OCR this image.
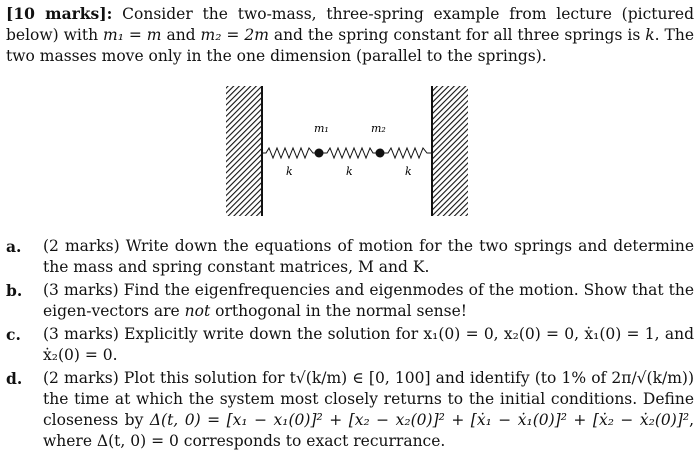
[10 marks]: Consider the two-mass, three-spring example from lecture (pictured below) with m₁ = m and m₂ = 2m and the spring constant for all three springs is k. The two masses move only in the one dimension (parallel to the springs).
m₁	m₂
k	k	k
a. (2 marks) Write down the equations of motion for the two springs and determine the mass and spring constant matrices, M and K.
b. (3 marks) Find the eigenfrequencies and eigenmodes of the motion. Show that the eigen-vectors are not orthogonal in the normal sense!
c. (3 marks) Explicitly write down the solution for x₁(0) = 0, x₂(0) = 0, ẋ₁(0) = 1, and ẋ₂(0) = 0.
d. (2 marks) Plot this solution for t√(k/m) ∈ [0, 100] and identify (to 1% of 2π/√(k/m)) the time at which the system most closely returns to the initial conditions. Define closeness by Δ(t, 0) = [x₁ − x₁(0)]² + [x₂ − x₂(0)]² + [ẋ₁ − ẋ₁(0)]² + [ẋ₂ − ẋ₂(0)]², where Δ(t, 0) = 0 corresponds to exact recurrance.
